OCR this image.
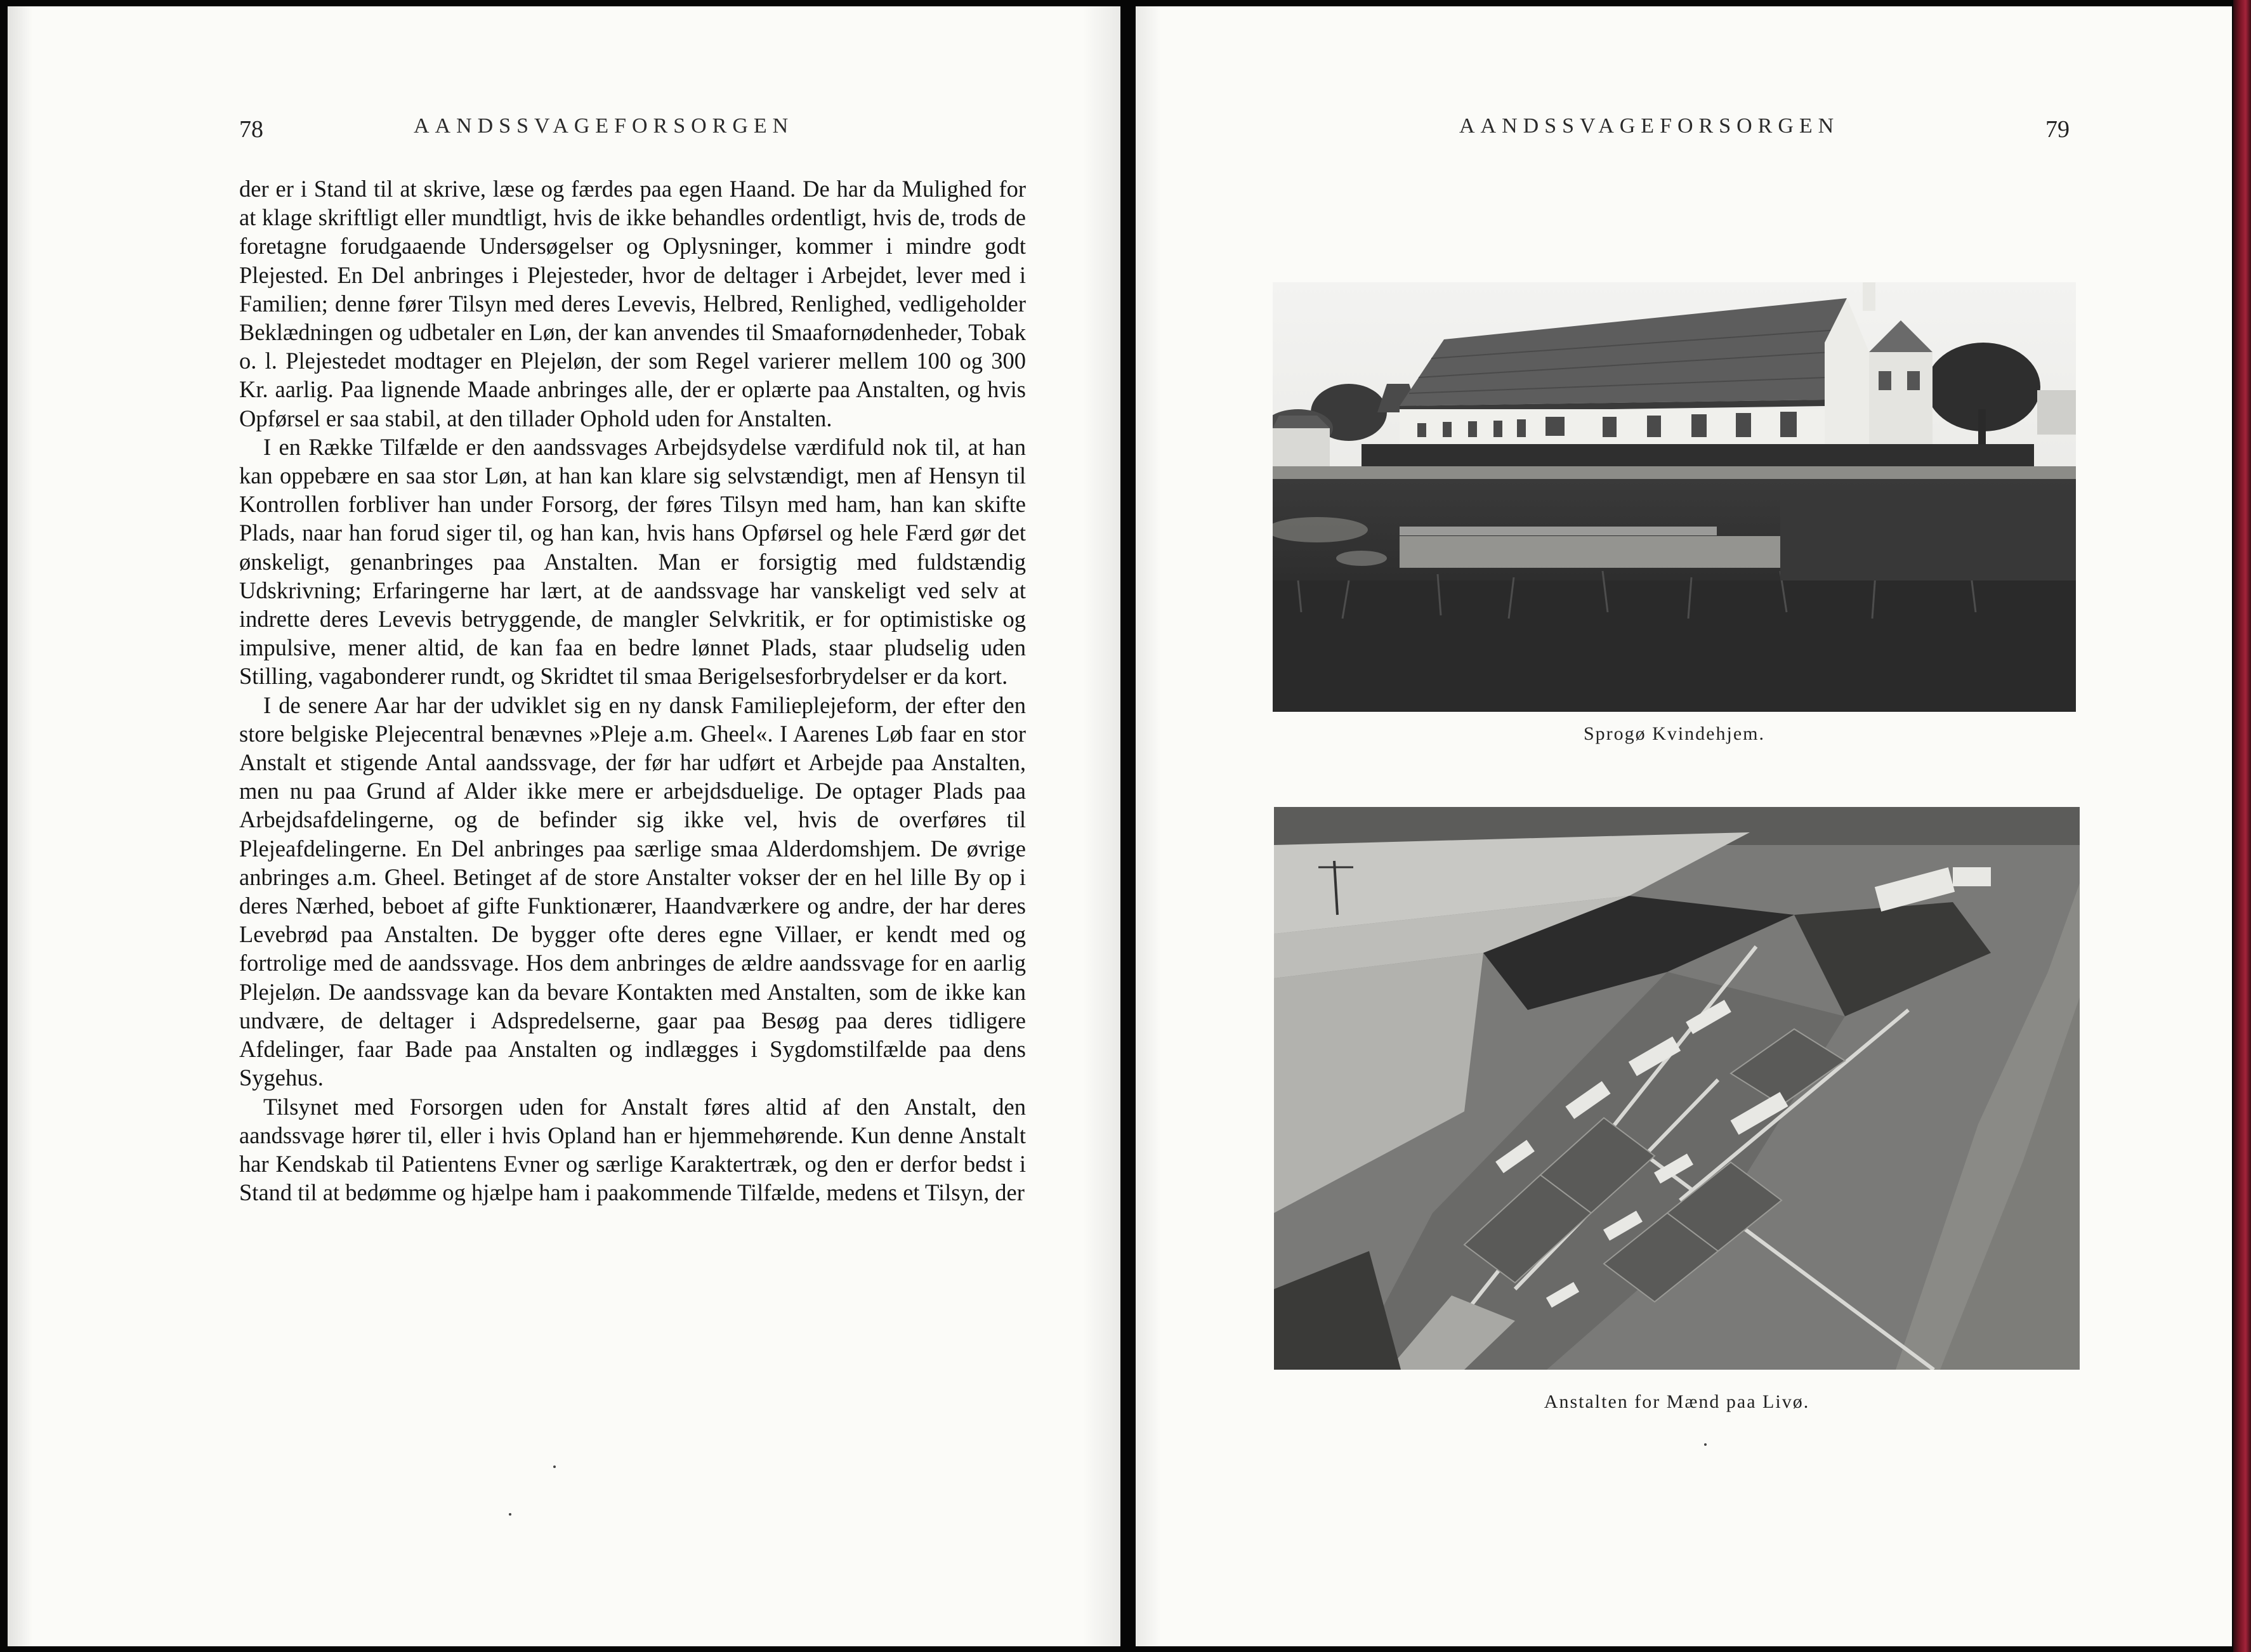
78	AANDSSVAGEFORSORGEN

der er i Stand til at skrive, læse og færdes paa egen Haand. De har da Mulighed for at klage skriftligt eller mundtligt, hvis de ikke behandles ordentligt, hvis de, trods de foretagne forudgaaende Undersøgelser og Oplysninger, kommer i mindre godt Plejested. En Del anbringes i Plejesteder, hvor de deltager i Arbejdet, lever med i Familien; denne fører Tilsyn med deres Levevis, Helbred, Renlighed, vedligeholder Beklædningen og udbetaler en Løn, der kan anvendes til Smaafornødenheder, Tobak o. l. Plejestedet modtager en Plejeløn, der som Regel varierer mellem 100 og 300 Kr. aarlig. Paa lignende Maade anbringes alle, der er oplærte paa Anstalten, og hvis Opførsel er saa stabil, at den tillader Ophold uden for Anstalten.

I en Række Tilfælde er den aandssvages Arbejdsydelse værdifuld nok til, at han kan oppebære en saa stor Løn, at han kan klare sig selvstændigt, men af Hensyn til Kontrollen forbliver han under Forsorg, der føres Tilsyn med ham, han kan skifte Plads, naar han forud siger til, og han kan, hvis hans Opførsel og hele Færd gør det ønskeligt, genanbringes paa Anstalten. Man er forsigtig med fuldstændig Udskrivning; Erfaringerne har lært, at de aandssvage har vanskeligt ved selv at indrette deres Levevis betryggende, de mangler Selvkritik, er for optimistiske og impulsive, mener altid, de kan faa en bedre lønnet Plads, staar pludselig uden Stilling, vagabonderer rundt, og Skridtet til smaa Berigelsesforbrydelser er da kort.

I de senere Aar har der udviklet sig en ny dansk Familieplejeform, der efter den store belgiske Plejecentral benævnes »Pleje a.m. Gheel«. I Aarenes Løb faar en stor Anstalt et stigende Antal aandssvage, der før har udført et Arbejde paa Anstalten, men nu paa Grund af Alder ikke mere er arbejdsduelige. De optager Plads paa Arbejdsafdelingerne, og de befinder sig ikke vel, hvis de overføres til Plejeafdelingerne. En Del anbringes paa særlige smaa Alderdomshjem. De øvrige anbringes a.m. Gheel. Betinget af de store Anstalter vokser der en hel lille By op i deres Nærhed, beboet af gifte Funktionærer, Haandværkere og andre, der har deres Levebrød paa Anstalten. De bygger ofte deres egne Villaer, er kendt med og fortrolige med de aandssvage. Hos dem anbringes de ældre aandssvage for en aarlig Plejeløn. De aandssvage kan da bevare Kontakten med Anstalten, som de ikke kan undvære, de deltager i Adspredelserne, gaar paa Besøg paa deres tidligere Afdelinger, faar Bade paa Anstalten og indlægges i Sygdomstilfælde paa dens Sygehus.

Tilsynet med Forsorgen uden for Anstalt føres altid af den Anstalt, den aandssvage hører til, eller i hvis Opland han er hjemmehørende. Kun denne Anstalt har Kendskab til Patientens Evner og særlige Karaktertræk, og den er derfor bedst i Stand til at bedømme og hjælpe ham i paakommende Tilfælde, medens et Tilsyn, der

AANDSSVAGEFORSORGEN	79
Sprogø Kvindehjem.
Anstalten for Mænd paa Livø.
